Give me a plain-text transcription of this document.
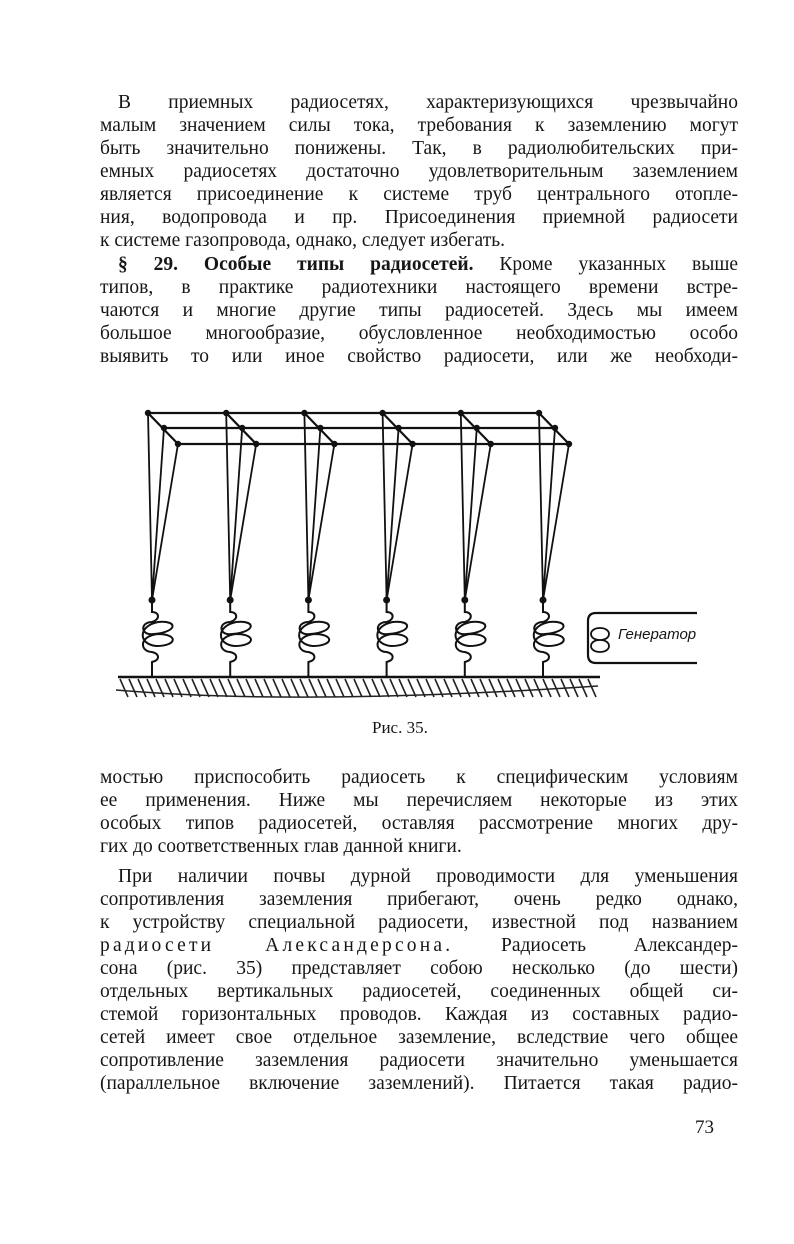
В приемных радиосетях, характеризующихся чрезвычайно
малым значением силы тока, требования к заземлению могут
быть значительно понижены. Так, в радиолюбительских при-
емных радиосетях достаточно удовлетворительным заземлением
является присоединение к системе труб центрального отопле-
ния, водопровода и пр. Присоединения приемной радиосети
к системе газопровода, однако, следует избегать.
§ 29. Особые типы радиосетей. Кроме указанных выше
типов, в практике радиотехники настоящего времени встре-
чаются и многие другие типы радиосетей. Здесь мы имеем
большое многообразие, обусловленное необходимостью особо
выявить то или иное свойство радиосети, или же необходи-
Генератор
Рис. 35.
мостью приспособить радиосеть к специфическим условиям
ее применения. Ниже мы перечисляем некоторые из этих
особых типов радиосетей, оставляя рассмотрение многих дру-
гих до соответственных глав данной книги.
При наличии почвы дурной проводимости для уменьшения
сопротивления заземления прибегают, очень редко однако,
к устройству специальной радиосети, известной под названием
радиосети Александерсона. Радиосеть Александер-
сона (рис. 35) представляет собою несколько (до шести)
отдельных вертикальных радиосетей, соединенных общей си-
стемой горизонтальных проводов. Каждая из составных радио-
сетей имеет свое отдельное заземление, вследствие чего общее
сопротивление заземления радиосети значительно уменьшается
(параллельное включение заземлений). Питается такая радио-
73
